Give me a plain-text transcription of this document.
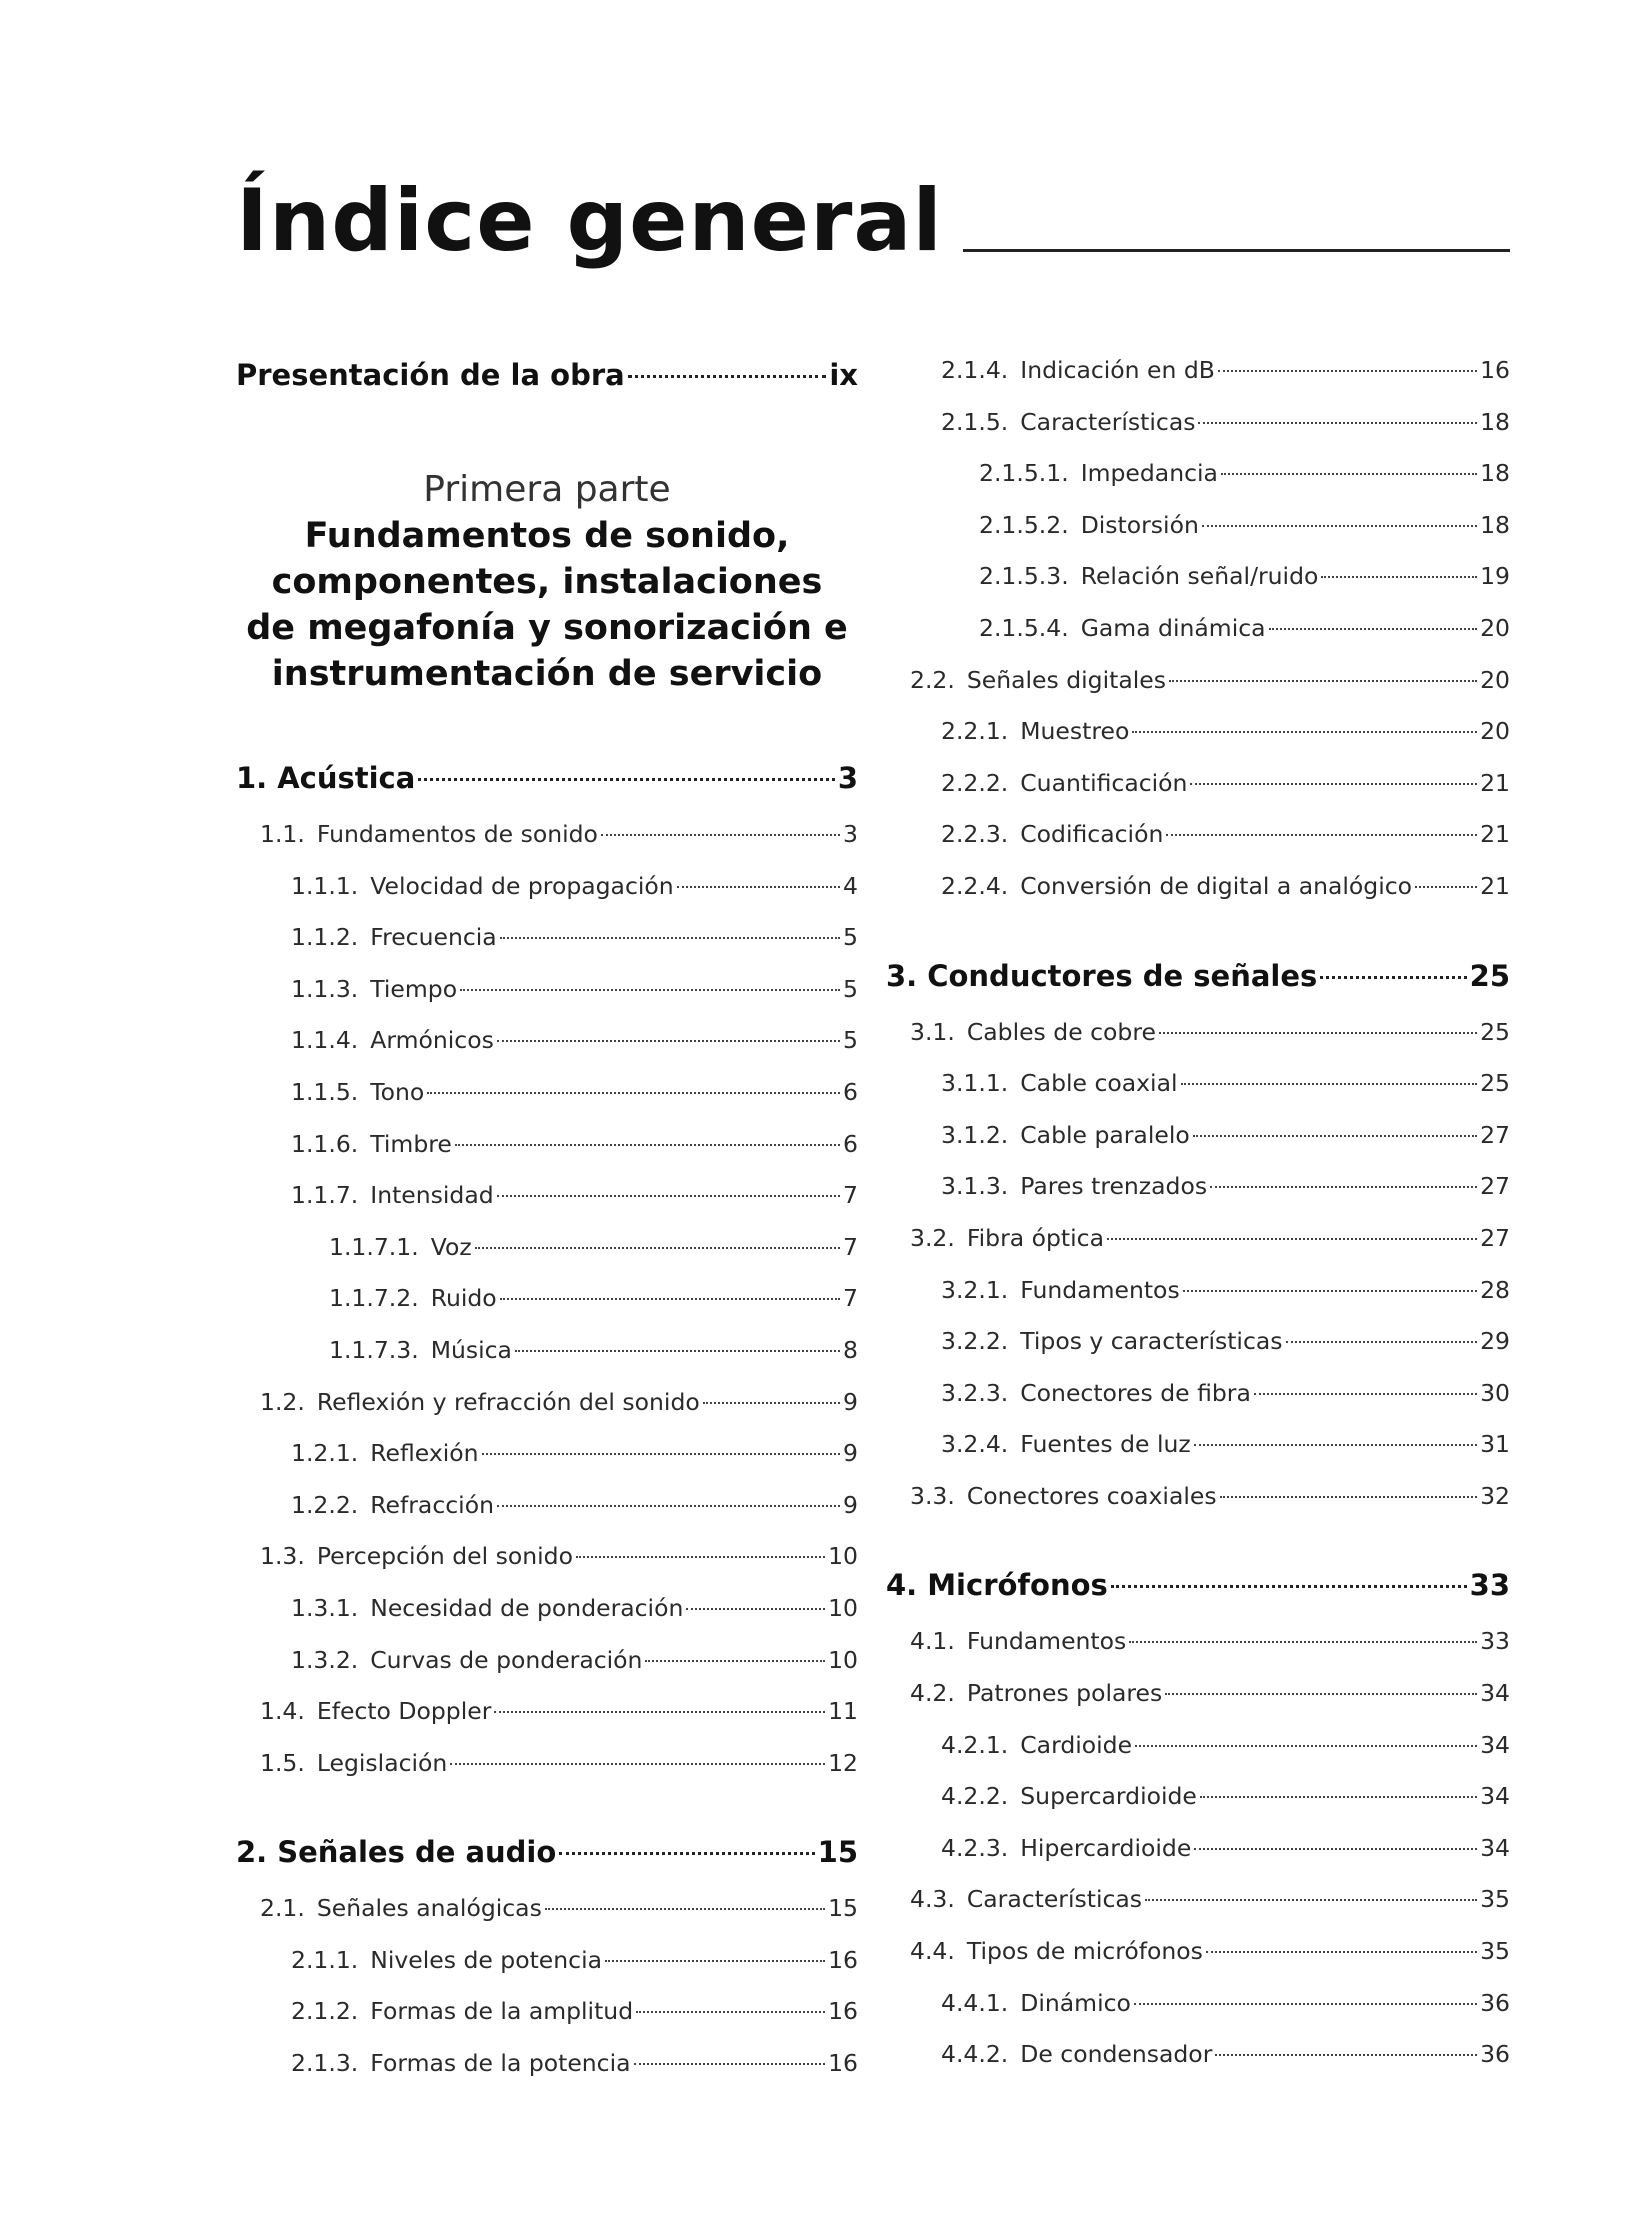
Índice general
Presentación de la obra	ix
Primera parte
Fundamentos de sonido,
componentes, instalaciones
de megafonía y sonorización e
instrumentación de servicio
1. Acústica	3
1.1. Fundamentos de sonido	3
1.1.1. Velocidad de propagación	4
1.1.2. Frecuencia	5
1.1.3. Tiempo	5
1.1.4. Armónicos	5
1.1.5. Tono	6
1.1.6. Timbre	6
1.1.7. Intensidad	7
1.1.7.1. Voz	7
1.1.7.2. Ruido	7
1.1.7.3. Música	8
1.2. Reflexión y refracción del sonido	9
1.2.1. Reflexión	9
1.2.2. Refracción	9
1.3. Percepción del sonido	10
1.3.1. Necesidad de ponderación	10
1.3.2. Curvas de ponderación	10
1.4. Efecto Doppler	11
1.5. Legislación	12
2. Señales de audio	15
2.1. Señales analógicas	15
2.1.1. Niveles de potencia	16
2.1.2. Formas de la amplitud	16
2.1.3. Formas de la potencia	16
2.1.4. Indicación en dB	16
2.1.5. Características	18
2.1.5.1. Impedancia	18
2.1.5.2. Distorsión	18
2.1.5.3. Relación señal/ruido	19
2.1.5.4. Gama dinámica	20
2.2. Señales digitales	20
2.2.1. Muestreo	20
2.2.2. Cuantificación	21
2.2.3. Codificación	21
2.2.4. Conversión de digital a analógico	21
3. Conductores de señales	25
3.1. Cables de cobre	25
3.1.1. Cable coaxial	25
3.1.2. Cable paralelo	27
3.1.3. Pares trenzados	27
3.2. Fibra óptica	27
3.2.1. Fundamentos	28
3.2.2. Tipos y características	29
3.2.3. Conectores de fibra	30
3.2.4. Fuentes de luz	31
3.3. Conectores coaxiales	32
4. Micrófonos	33
4.1. Fundamentos	33
4.2. Patrones polares	34
4.2.1. Cardioide	34
4.2.2. Supercardioide	34
4.2.3. Hipercardioide	34
4.3. Características	35
4.4. Tipos de micrófonos	35
4.4.1. Dinámico	36
4.4.2. De condensador	36
